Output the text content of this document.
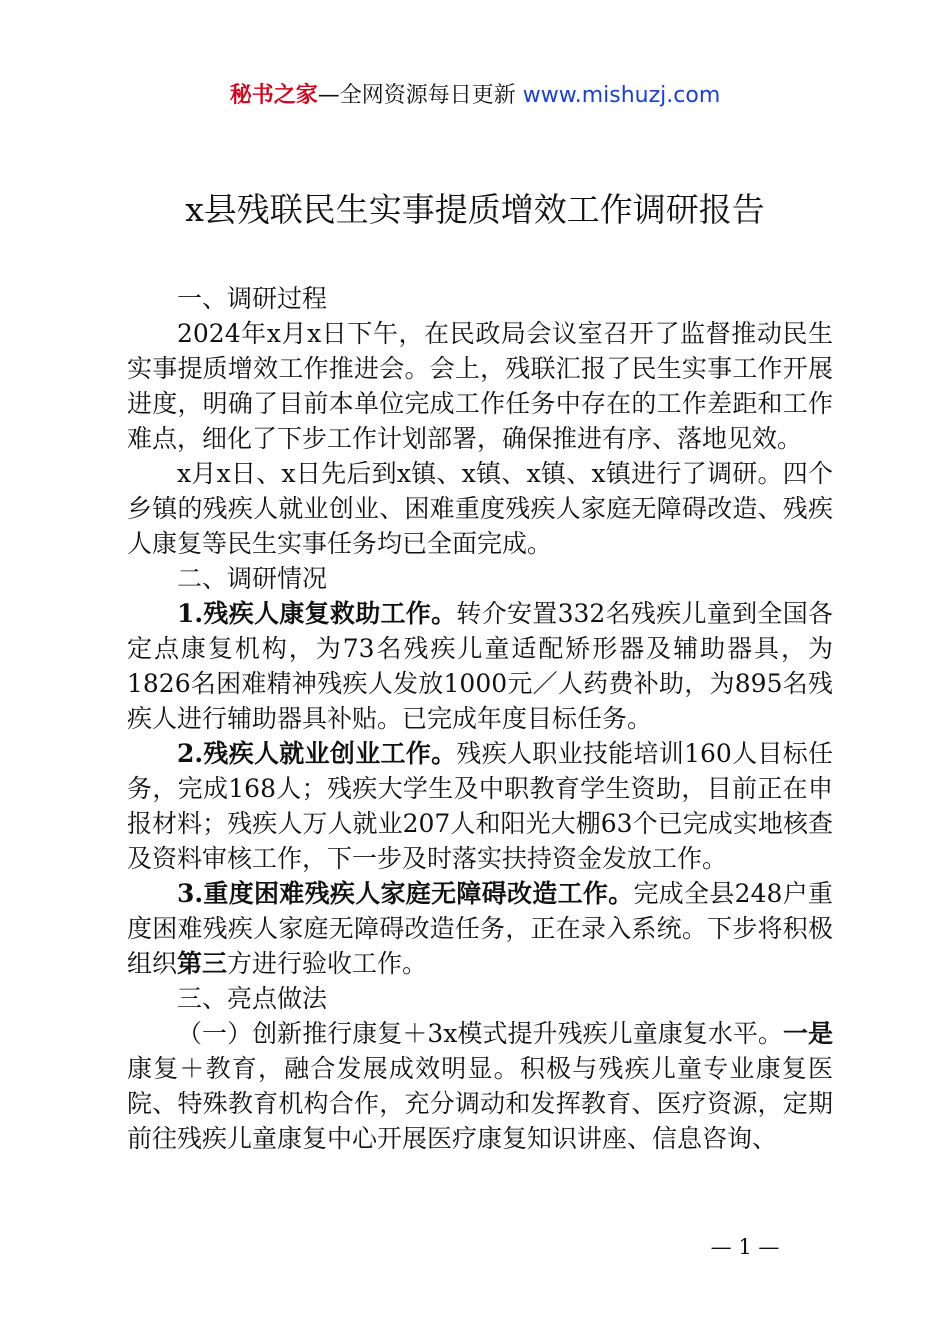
秘书之家—全网资源每日更新 www.mishuzj.com
x县残联民生实事提质增效工作调研报告

一、调研过程

2024年x月x日下午，在民政局会议室召开了监督推动民生实事提质增效工作推进会。会上，残联汇报了民生实事工作开展进度，明确了目前本单位完成工作任务中存在的工作差距和工作难点，细化了下步工作计划部署，确保推进有序、落地见效。

x月x日、x日先后到x镇、x镇、x镇、x镇进行了调研。四个乡镇的残疾人就业创业、困难重度残疾人家庭无障碍改造、残疾人康复等民生实事任务均已全面完成。

二、调研情况

1.残疾人康复救助工作。转介安置332名残疾儿童到全国各定点康复机构，为73名残疾儿童适配矫形器及辅助器具，为1826名困难精神残疾人发放1000元／人药费补助，为895名残疾人进行辅助器具补贴。已完成年度目标任务。

2.残疾人就业创业工作。残疾人职业技能培训160人目标任务，完成168人；残疾大学生及中职教育学生资助，目前正在申报材料；残疾人万人就业207人和阳光大棚63个已完成实地核查及资料审核工作，下一步及时落实扶持资金发放工作。

3.重度困难残疾人家庭无障碍改造工作。完成全县248户重度困难残疾人家庭无障碍改造任务，正在录入系统。下步将积极组织第三方进行验收工作。

三、亮点做法

（一）创新推行康复＋3x模式提升残疾儿童康复水平。一是康复＋教育，融合发展成效明显。积极与残疾儿童专业康复医院、特殊教育机构合作，充分调动和发挥教育、医疗资源，定期前往残疾儿童康复中心开展医疗康复知识讲座、信息咨询、

— 1 —
